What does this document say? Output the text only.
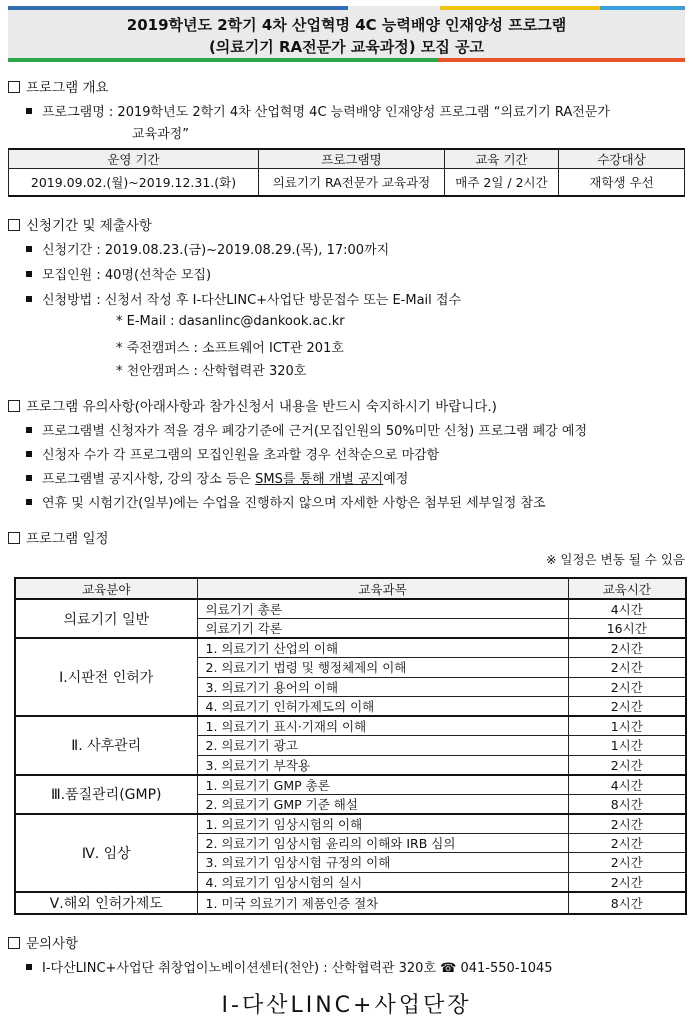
2019학년도 2학기 4차 산업혁명 4C 능력배양 인재양성 프로그램
(의료기기 RA전문가 교육과정) 모집 공고
프로그램 개요
프로그램명 : 2019학년도 2학기 4차 산업혁명 4C 능력배양 인재양성 프로그램 “의료기기 RA전문가
교육과정”
운영 기간	프로그램명	교육 기간	수강대상
2019.09.02.(월)~2019.12.31.(화)	의료기기 RA전문가 교육과정	매주 2일 / 2시간	재학생 우선
신청기간 및 제출사항
신청기간 : 2019.08.23.(금)~2019.08.29.(목), 17:00까지
모집인원 : 40명(선착순 모집)
신청방법 : 신청서 작성 후 I-다산LINC+사업단 방문접수 또는 E-Mail 접수
* E-Mail : dasanlinc@dankook.ac.kr
* 죽전캠퍼스 : 소프트웨어 ICT관 201호
* 천안캠퍼스 : 산학협력관 320호
프로그램 유의사항(아래사항과 참가신청서 내용을 반드시 숙지하시기 바랍니다.)
프로그램별 신청자가 적을 경우 폐강기준에 근거(모집인원의 50%미만 신청) 프로그램 폐강 예정
신청자 수가 각 프로그램의 모집인원을 초과할 경우 선착순으로 마감함
프로그램별 공지사항, 강의 장소 등은 SMS를 통해 개별 공지예정
연휴 및 시험기간(일부)에는 수업을 진행하지 않으며 자세한 사항은 첨부된 세부일정 참조
프로그램 일정
※ 일정은 변동 될 수 있음
교육분야	교육과목	교육시간
의료기기 일반	의료기기 총론	4시간
	의료기기 각론	16시간
Ⅰ.시판전 인허가	1. 의료기기 산업의 이해	2시간
	2. 의료기기 법령 및 행정체제의 이해	2시간
	3. 의료기기 용어의 이해	2시간
	4. 의료기기 인허가제도의 이해	2시간
Ⅱ. 사후관리	1. 의료기기 표시·기재의 이해	1시간
	2. 의료기기 광고	1시간
	3. 의료기기 부작용	2시간
Ⅲ.품질관리(GMP)	1. 의료기기 GMP 총론	4시간
	2. 의료기기 GMP 기준 해설	8시간
Ⅳ. 임상	1. 의료기기 임상시험의 이해	2시간
	2. 의료기기 임상시험 윤리의 이해와 IRB 심의	2시간
	3. 의료기기 임상시험 규정의 이해	2시간
	4. 의료기기 임상시험의 실시	2시간
Ⅴ.해외 인허가제도	1. 미국 의료기기 제품인증 절차	8시간
문의사항
I-다산LINC+사업단 취창업이노베이션센터(천안) : 산학협력관 320호 ☎ 041-550-1045
I-다산LINC+사업단장
